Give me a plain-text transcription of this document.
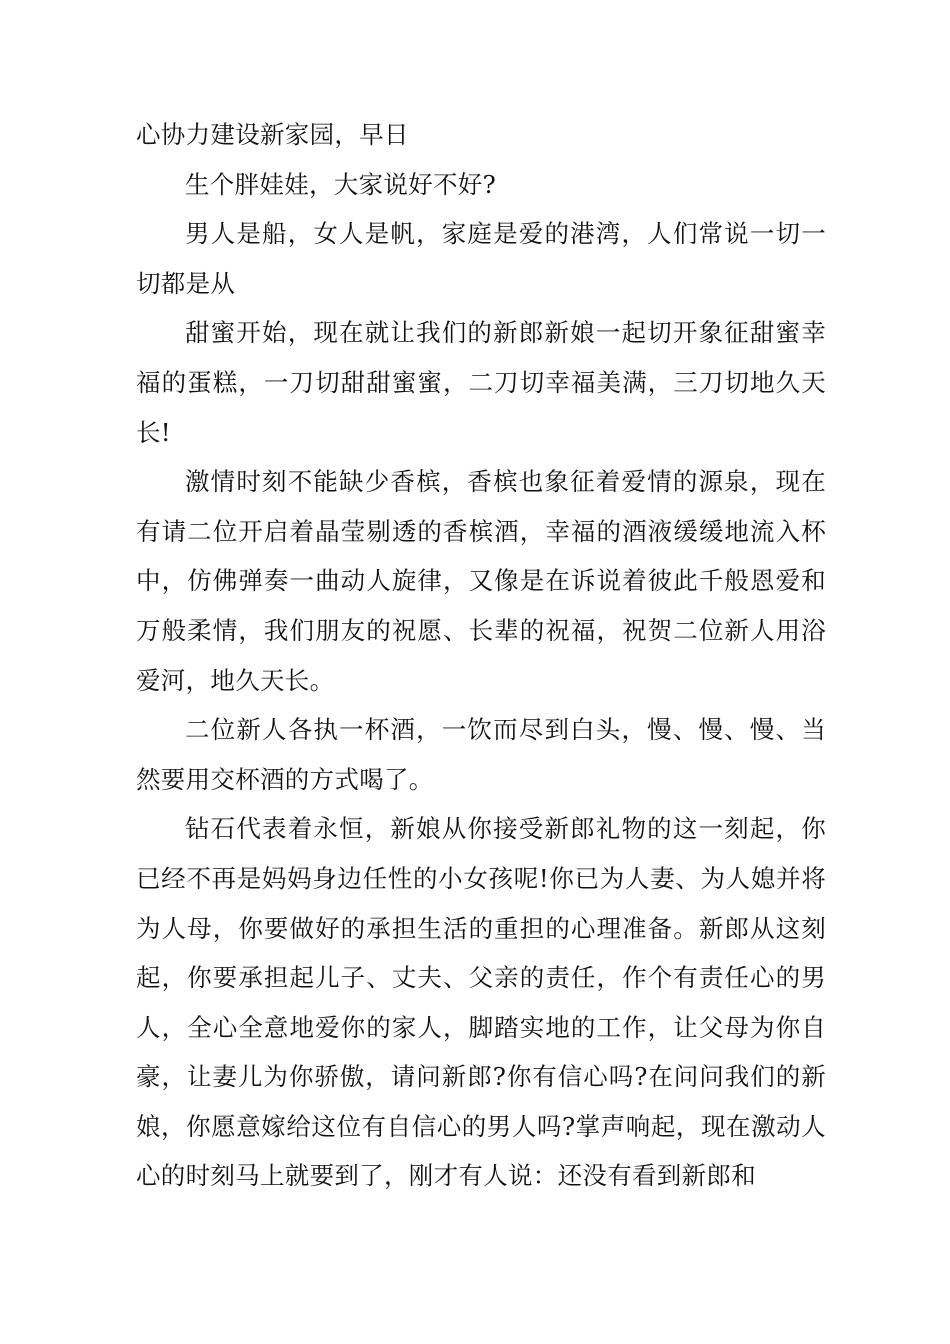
心协力建设新家园，早日

生个胖娃娃，大家说好不好?

男人是船，女人是帆，家庭是爱的港湾，人们常说一切一切都是从

甜蜜开始，现在就让我们的新郎新娘一起切开象征甜蜜幸福的蛋糕，一刀切甜甜蜜蜜，二刀切幸福美满，三刀切地久天长!

激情时刻不能缺少香槟，香槟也象征着爱情的源泉，现在有请二位开启着晶莹剔透的香槟酒，幸福的酒液缓缓地流入杯中，仿佛弹奏一曲动人旋律，又像是在诉说着彼此千般恩爱和万般柔情，我们朋友的祝愿、长辈的祝福，祝贺二位新人用浴爱河，地久天长。

二位新人各执一杯酒，一饮而尽到白头，慢、慢、慢、当然要用交杯酒的方式喝了。

钻石代表着永恒，新娘从你接受新郎礼物的这一刻起，你已经不再是妈妈身边任性的小女孩呢!你已为人妻、为人媳并将为人母，你要做好的承担生活的重担的心理准备。新郎从这刻起，你要承担起儿子、丈夫、父亲的责任，作个有责任心的男人，全心全意地爱你的家人，脚踏实地的工作，让父母为你自豪，让妻儿为你骄傲，请问新郎?你有信心吗?在问问我们的新娘，你愿意嫁给这位有自信心的男人吗?掌声响起，现在激动人心的时刻马上就要到了，刚才有人说：还没有看到新郎和
